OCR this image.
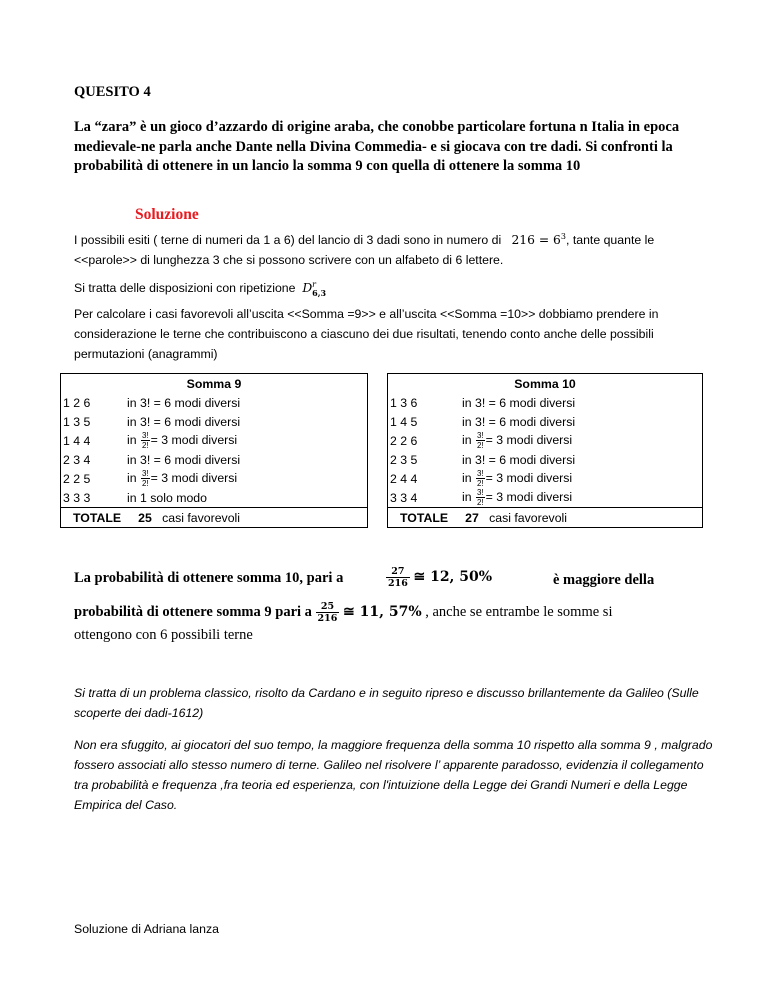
QUESITO 4
La “zara” è un gioco d’azzardo di origine araba, che conobbe particolare fortuna n Italia in epoca medievale-ne parla anche Dante nella Divina Commedia- e si giocava con tre dadi. Si confronti la probabilità di ottenere in un lancio la somma 9 con quella di ottenere la somma 10
Soluzione
I possibili esiti ( terne di numeri da 1 a 6) del lancio di 3 dadi sono in numero di $216 = 6^3$, tante quante le <<parole>> di lunghezza 3 che si possono scrivere con un alfabeto di 6 lettere.
Si tratta delle disposizioni con ripetizione D r
6,3
Per calcolare i casi favorevoli all’uscita <<Somma =9>> e all’uscita <<Somma =10>> dobbiamo prendere in considerazione le terne che contribuiscono a ciascuno dei due risultati, tenendo conto anche delle possibili permutazioni (anagrammi)
Somma 9	
1 2 6	in 3! = 6 modi diversi
1 3 5	in 3! = 6 modi diversi
1 4 4	in $\frac{3!}{2!} = 3$ modi diversi
2 3 4	in 3! = 6 modi diversi
2 2 5	in $\frac{3!}{2!} = 3$ modi diversi
3 3 3	in 1 solo modo
TOTALE 25 casi favorevoli	
Somma 10	
1 3 6	in 3! = 6 modi diversi
1 4 5	in 3! = 6 modi diversi
2 2 6	in $\frac{3!}{2!} = 3$ modi diversi
2 3 5	in 3! = 6 modi diversi
2 4 4	in $\frac{3!}{2!} = 3$ modi diversi
3 3 4	in $\frac{3!}{2!} = 3$ modi diversi
TOTALE 27 casi favorevoli	
La probabilità di ottenere somma 10, pari a	$\frac{27}{216}$ ≅ 12, 50%	è maggiore della
probabilità di ottenere somma 9 pari a $\frac{25}{216}$ ≅ 11, 57% , anche se entrambe le somme si
ottengono con 6 possibili terne
Si tratta di un problema classico, risolto da Cardano e in seguito ripreso e discusso brillantemente da Galileo (Sulle scoperte dei dadi-1612)
Non era sfuggito, ai giocatori del suo tempo, la maggiore frequenza della somma 10 rispetto alla somma 9 , malgrado fossero associati allo stesso numero di terne. Galileo nel risolvere l’ apparente paradosso, evidenzia il collegamento tra probabilità e frequenza ,fra teoria ed esperienza, con l'intuizione della Legge dei Grandi Numeri e della Legge Empirica del Caso.
Soluzione di Adriana lanza
